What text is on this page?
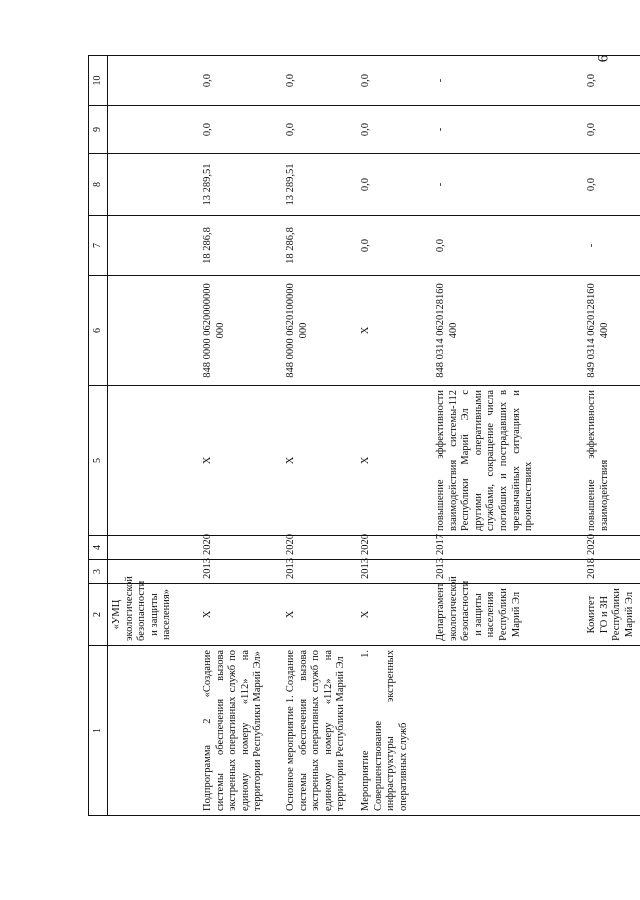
6
1	2	3	4	5	6	7	8	9	10
	«УМЦ экологической безопасности и защиты населения»								
Подпрограмма 2 «Создание системы обеспечения вызова экстренных оперативных служб по единому номеру «112» на территории Республики Марий Эл»	X	2013	2020	X	848 0000 0620000000 000	18 286,8	13 289,51	0,0	0,0
Основное мероприятие 1. Создание системы обеспечения вызова экстренных оперативных служб по единому номеру «112» на территории Республики Марий Эл	X	2013	2020	X	848 0000 0620100000 000	18 286,8	13 289,51	0,0	0,0
Мероприятие 1. Совершенствование инфраструктуры экстренных оперативных служб	X	2013	2020	X	X	0,0	0,0	0,0	0,0
	Департамент экологической безопасности и защиты населения Республики Марий Эл	2013	2017	повышение эффективности взаимодействия системы-112 Республики Марий Эл с другими оперативными службами, сокращение числа погибших и пострадавших в чрезвычайных ситуациях и происшествиях	848 0314 0620128160 400	0,0	-	-	-
	Комитет ГО и ЗН Республики Марий Эл	2018	2020	повышение эффективности взаимодействия	849 0314 0620128160 400	-	0,0	0,0	0,0
